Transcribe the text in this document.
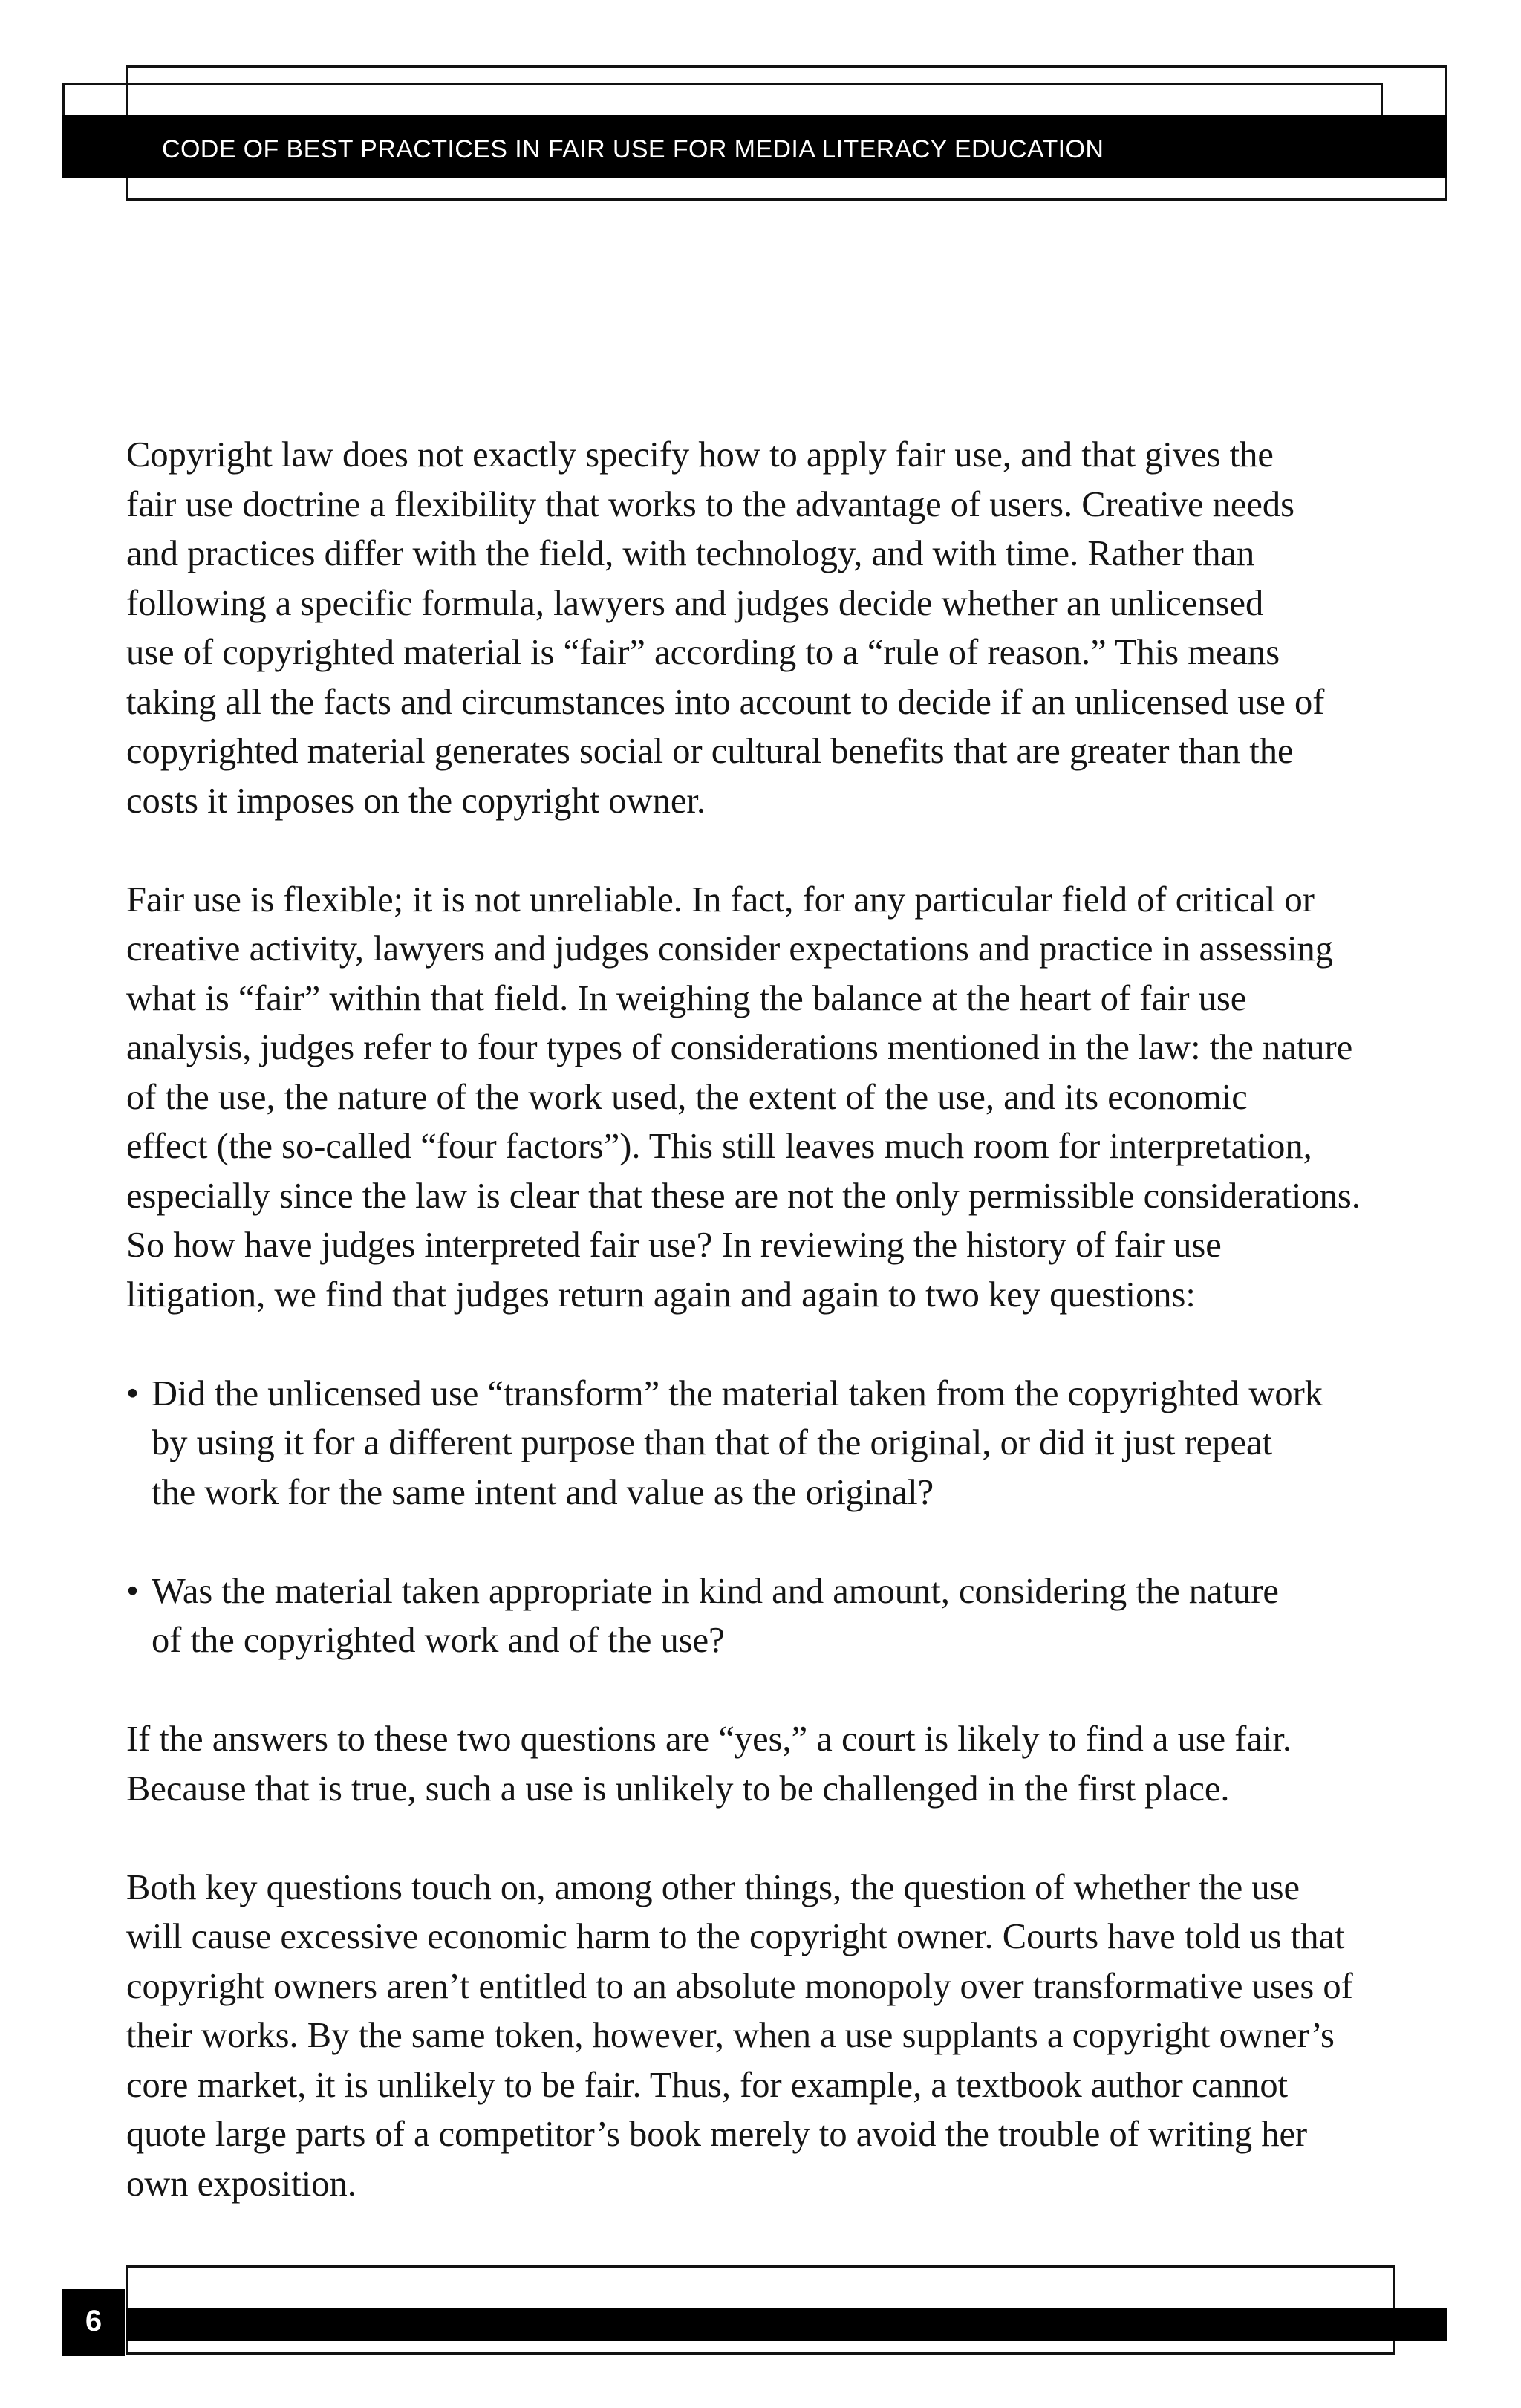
CODE OF BEST PRACTICES IN FAIR USE FOR MEDIA LITERACY EDUCATION

Copyright law does not exactly specify how to apply fair use, and that gives the
fair use doctrine a flexibility that works to the advantage of users. Creative needs
and practices differ with the field, with technology, and with time. Rather than
following a specific formula, lawyers and judges decide whether an unlicensed
use of copyrighted material is “fair” according to a “rule of reason.” This means
taking all the facts and circumstances into account to decide if an unlicensed use of
copyrighted material generates social or cultural benefits that are greater than the
costs it imposes on the copyright owner.

Fair use is flexible; it is not unreliable. In fact, for any particular field of critical or
creative activity, lawyers and judges consider expectations and practice in assessing
what is “fair” within that field. In weighing the balance at the heart of fair use
analysis, judges refer to four types of considerations mentioned in the law: the nature
of the use, the nature of the work used, the extent of the use, and its economic
effect (the so-called “four factors”). This still leaves much room for interpretation,
especially since the law is clear that these are not the only permissible considerations.
So how have judges interpreted fair use? In reviewing the history of fair use
litigation, we find that judges return again and again to two key questions:

• Did the unlicensed use “transform” the material taken from the copyrighted work
by using it for a different purpose than that of the original, or did it just repeat
the work for the same intent and value as the original?

• Was the material taken appropriate in kind and amount, considering the nature
of the copyrighted work and of the use?

If the answers to these two questions are “yes,” a court is likely to find a use fair.
Because that is true, such a use is unlikely to be challenged in the first place.

Both key questions touch on, among other things, the question of whether the use
will cause excessive economic harm to the copyright owner. Courts have told us that
copyright owners aren’t entitled to an absolute monopoly over transformative uses of
their works. By the same token, however, when a use supplants a copyright owner’s
core market, it is unlikely to be fair. Thus, for example, a textbook author cannot
quote large parts of a competitor’s book merely to avoid the trouble of writing her
own exposition.

6
